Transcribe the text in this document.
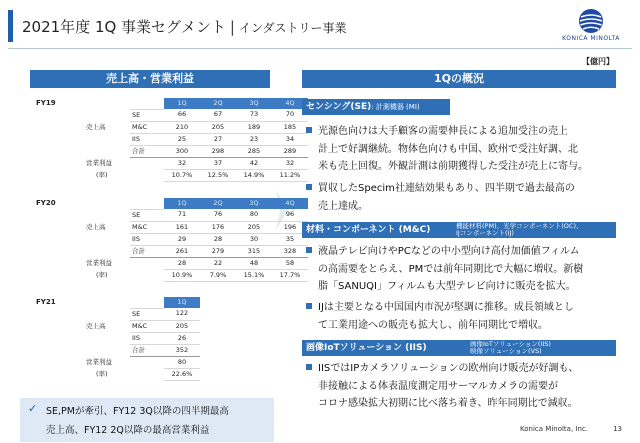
2021年度 1Q 事業セグメント | インダストリー事業
KONICA MINOLTA
【億円】
売上高・営業利益	1Qの概況
FY19			1Q	2Q	3Q	4Q
		SE	66	67	73	70
	売上高	M&C	210	205	189	185
		IIS	25	27	23	34
		合計	300	298	285	289
	営業利益		32	37	42	32
	(率)		10.7%	12.5%	14.9%	11.2%
FY20			1Q	2Q	3Q	4Q
		SE	71	76	80	96
	売上高	M&C	161	176	205	196
		IIS	29	28	30	35
		合計	261	279	315	328
	営業利益		28	22	48	58
	(率)		10.9%	7.9%	15.1%	17.7%
FY21			1Q
		SE	122
	売上高	M&C	205
		IIS	26
		合計	352
	営業利益		80
	(率)		22.6%
✓ SE,PMが牽引、FY12 3Q以降の四半期最高
売上高、FY12 2Q以降の最高営業利益
センシング(SE): 計測機器 (MI)
光源色向けは大手顧客の需要伸長による追加受注の売上
計上で好調継続。物体色向けも中国、欧州で受注好調、北
米も売上回復。外観計測は前期獲得した受注が売上に寄与。
買収したSpecim社連結効果もあり、四半期で過去最高の
売上達成。
材料・コンポーネント (M&C)	機能材料(PM)、光学コンポーネント(OC)、
IJコンポーネント(IJ)
液晶テレビ向けやPCなどの中小型向け高付加価値フィルム
の高需要をとらえ、PMでは前年同期比で大幅に増収。新樹
脂「SANUQI」フィルムも大型テレビ向けに販売を拡大。
IJは主要となる中国国内市況が堅調に推移。成長領域とし
て工業用途への販売も拡大し、前年同期比で増収。
画像IoTソリューション (IIS)	画像IoTソリューション(IIS)
映像ソリューション(VS)
IISではIPカメラソリューションの欧州向け販売が好調も、
非接触による体表温度測定用サーマルカメラの需要が
コロナ感染拡大初期に比べ落ち着き、昨年同期比で減収。
Konica Minolta, Inc.	13
